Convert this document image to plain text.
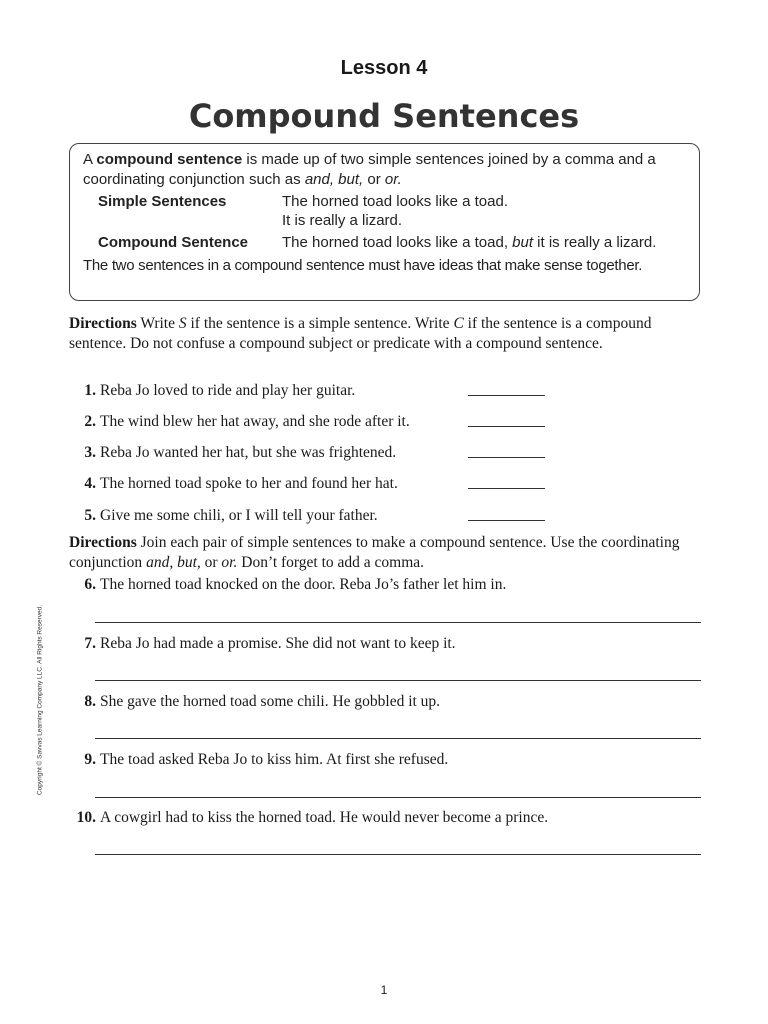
Lesson 4
Compound Sentences
A compound sentence is made up of two simple sentences joined by a comma and a coordinating conjunction such as and, but, or or.
Simple Sentences	The horned toad looks like a toad.
It is really a lizard.
Compound Sentence The horned toad looks like a toad, but it is really a lizard.
The two sentences in a compound sentence must have ideas that make sense together.
Directions Write S if the sentence is a simple sentence. Write C if the sentence is a compound sentence. Do not confuse a compound subject or predicate with a compound sentence.
1. Reba Jo loved to ride and play her guitar.
2. The wind blew her hat away, and she rode after it.
3. Reba Jo wanted her hat, but she was frightened.
4. The horned toad spoke to her and found her hat.
5. Give me some chili, or I will tell your father.
Directions Join each pair of simple sentences to make a compound sentence. Use the coordinating conjunction and, but, or or. Don’t forget to add a comma.
6. The horned toad knocked on the door. Reba Jo’s father let him in.
7. Reba Jo had made a promise. She did not want to keep it.
8. She gave the horned toad some chili. He gobbled it up.
9. The toad asked Reba Jo to kiss him. At first she refused.
10. A cowgirl had to kiss the horned toad. He would never become a prince.
Copyright © Savvas Learning Company LLC. All Rights Reserved.
1
